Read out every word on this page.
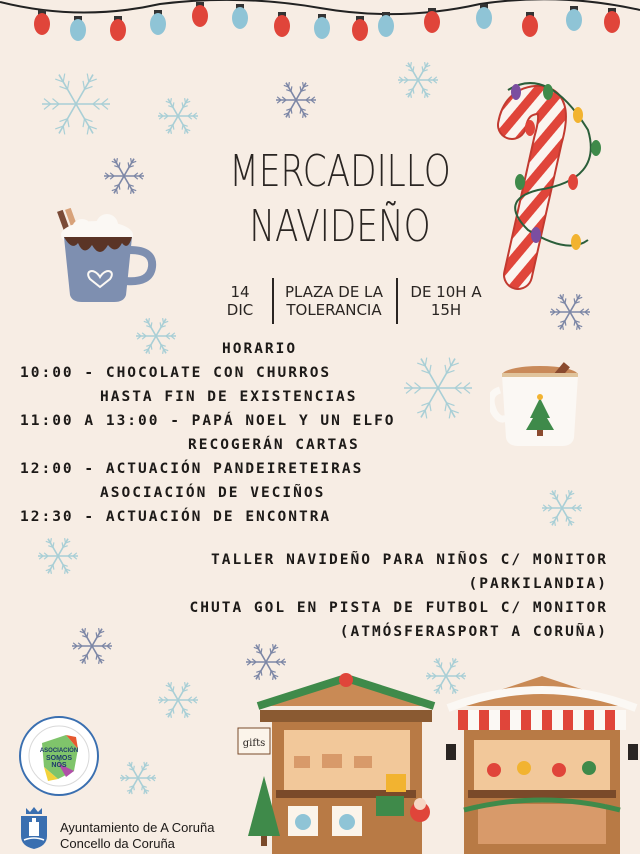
MERCADILLO
NAVIDEÑO
14
DIC
PLAZA DE LA
TOLERANCIA
DE 10H A
15H
HORARIO
10:00 - CHOCOLATE CON CHURROS
HASTA FIN DE EXISTENCIAS
11:00 A 13:00 - PAPÁ NOEL Y UN ELFO
RECOGERÁN CARTAS
12:00 - ACTUACIÓN PANDEIRETEIRAS
ASOCIACIÓN DE VECIÑOS
12:30 - ACTUACIÓN DE ENCONTRA
TALLER NAVIDEÑO PARA NIÑOS C/ MONITOR
(PARKILANDIA)
CHUTA GOL EN PISTA DE FUTBOL C/ MONITOR
(ATMÓSFERASPORT A CORUÑA)
ASOCIACIÓN
SOMOS
NÓS
Ayuntamiento de A Coruña
Concello da Coruña
gifts
